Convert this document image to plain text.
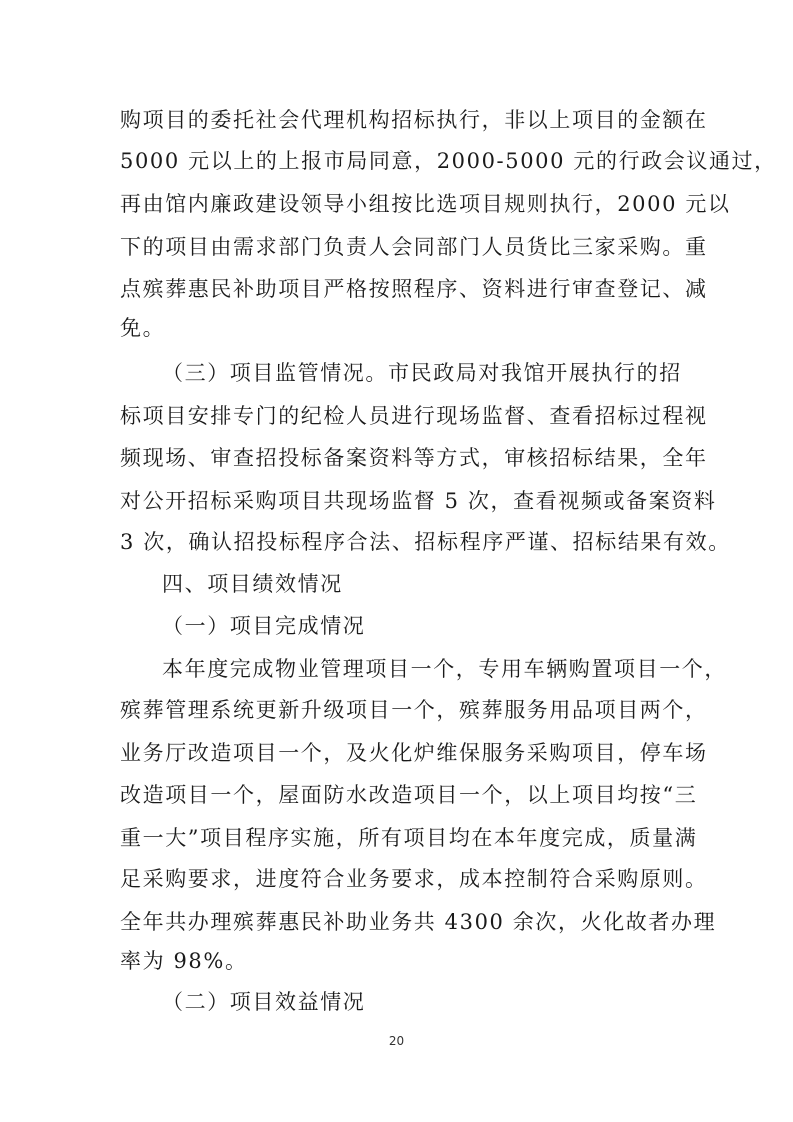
购项目的委托社会代理机构招标执行，非以上项目的金额在
5000 元以上的上报市局同意，2000-5000 元的行政会议通过，
再由馆内廉政建设领导小组按比选项目规则执行，2000 元以
下的项目由需求部门负责人会同部门人员货比三家采购。重
点殡葬惠民补助项目严格按照程序、资料进行审查登记、减
免。
（三）项目监管情况。市民政局对我馆开展执行的招
标项目安排专门的纪检人员进行现场监督、查看招标过程视
频现场、审查招投标备案资料等方式，审核招标结果，全年
对公开招标采购项目共现场监督 5 次，查看视频或备案资料
3 次，确认招投标程序合法、招标程序严谨、招标结果有效。
四、项目绩效情况
（一）项目完成情况
本年度完成物业管理项目一个，专用车辆购置项目一个，
殡葬管理系统更新升级项目一个，殡葬服务用品项目两个，
业务厅改造项目一个，及火化炉维保服务采购项目，停车场
改造项目一个，屋面防水改造项目一个，以上项目均按“三
重一大”项目程序实施，所有项目均在本年度完成，质量满
足采购要求，进度符合业务要求，成本控制符合采购原则。
全年共办理殡葬惠民补助业务共 4300 余次，火化故者办理
率为 98%。
（二）项目效益情况
20
